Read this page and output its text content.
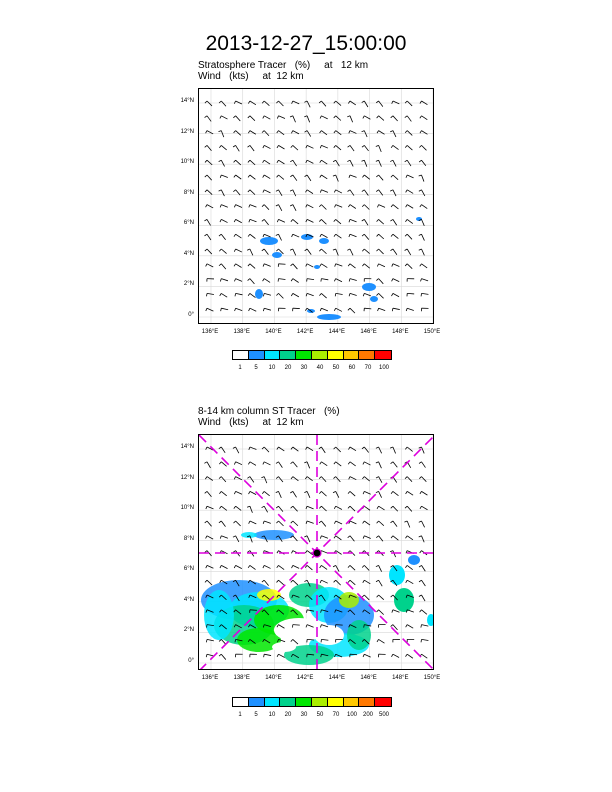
2013-12-27_15:00:00
Stratosphere Tracer   (%)     at   12 km
Wind   (kts)     at  12 km
14°N
12°N
10°N
8°N
6°N
4°N
2°N
0°
136°E	138°E	140°E	142°E	144°E	146°E	148°E	150°E
1	5	10	20	30	40	50	60	70	100
8-14 km column ST Tracer   (%)
Wind   (kts)     at  12 km
14°N
12°N
10°N
8°N
6°N
4°N
2°N
0°
136°E	138°E	140°E	142°E	144°E	146°E	148°E	150°E
1	5	10	20	30	50	70	100 200 500
